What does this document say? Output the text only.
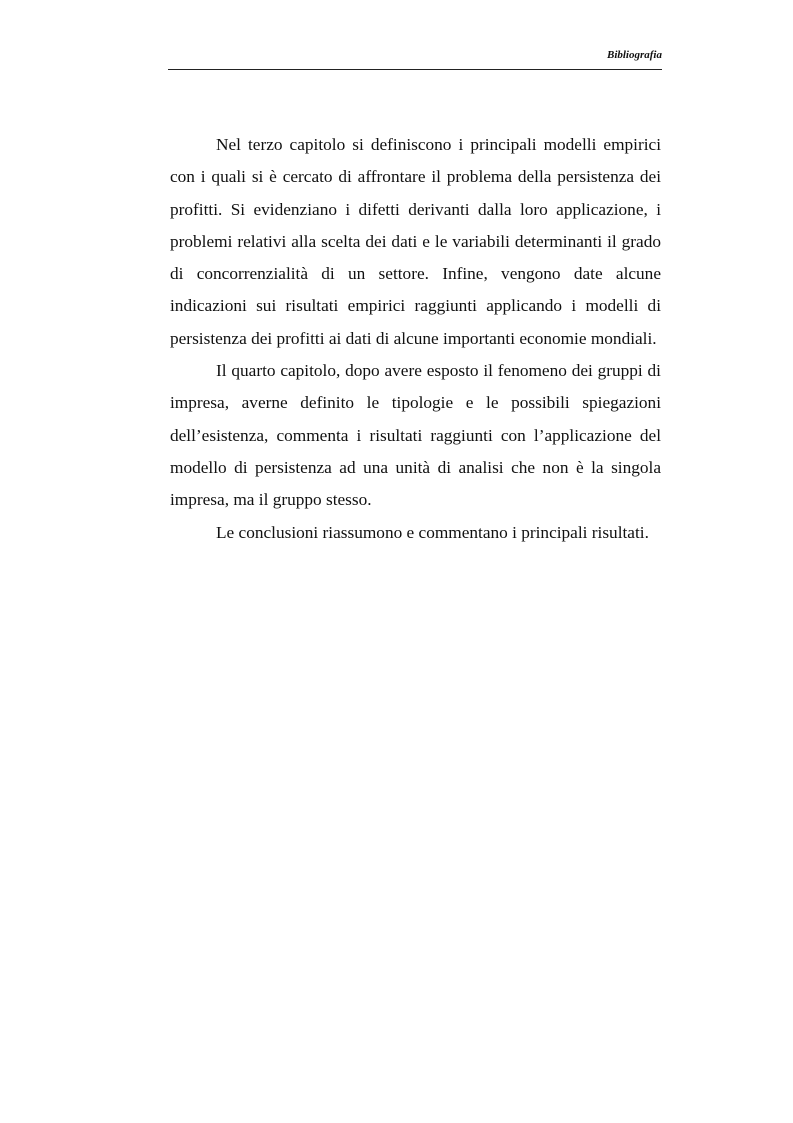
Bibliografia

Nel terzo capitolo si definiscono i principali modelli empirici con i quali si è cercato di affrontare il problema della persistenza dei profitti. Si evidenziano i difetti derivanti dalla loro applicazione, i problemi relativi alla scelta dei dati e le variabili determinanti il grado di concorrenzialità di un settore. Infine, vengono date alcune indicazioni sui risultati empirici raggiunti applicando i modelli di persistenza dei profitti ai dati di alcune importanti economie mondiali.

Il quarto capitolo, dopo avere esposto il fenomeno dei gruppi di impresa, averne definito le tipologie e le possibili spiegazioni dell’esistenza, commenta i risultati raggiunti con l’applicazione del modello di persistenza ad una unità di analisi che non è la singola impresa, ma il gruppo stesso.

Le conclusioni riassumono e commentano i principali risultati.
